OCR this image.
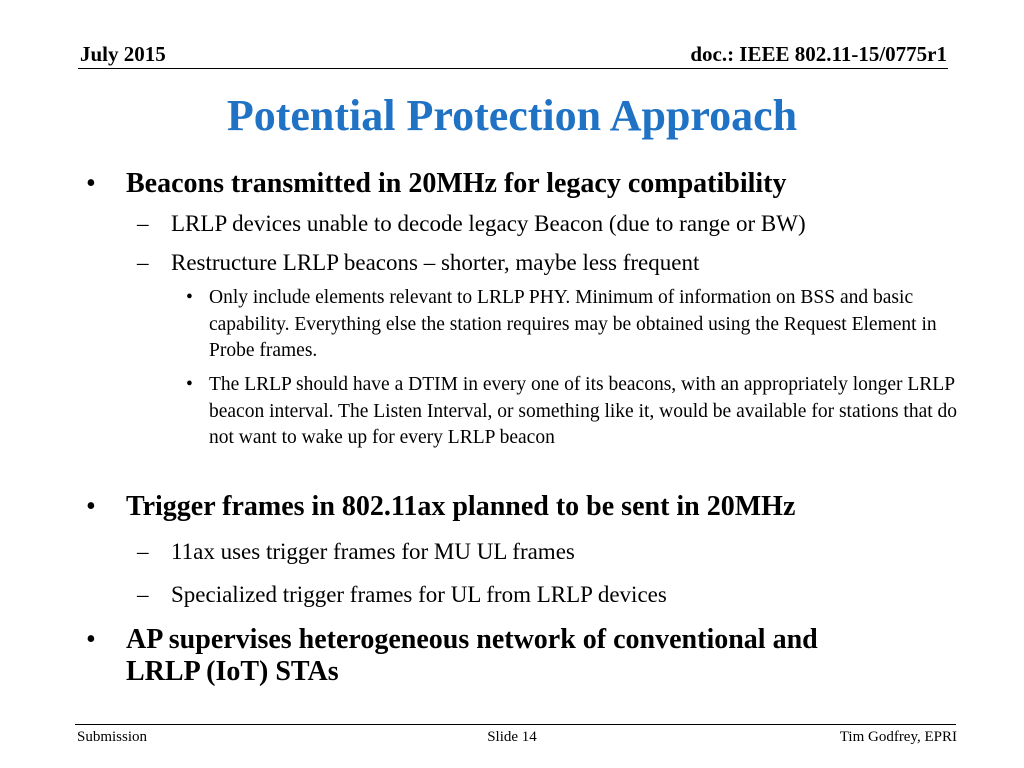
July 2015	doc.: IEEE 802.11-15/0775r1
Potential Protection Approach
•	Beacons transmitted in 20MHz for legacy compatibility
– LRLP devices unable to decode legacy Beacon (due to range or BW)
– Restructure LRLP beacons – shorter, maybe less frequent
• Only include elements relevant to LRLP PHY. Minimum of information on BSS and basic capability. Everything else the station requires may be obtained using the Request Element in Probe frames.
• The LRLP should have a DTIM in every one of its beacons, with an appropriately longer LRLP beacon interval. The Listen Interval, or something like it, would be available for stations that do not want to wake up for every LRLP beacon
•	Trigger frames in 802.11ax planned to be sent in 20MHz
– 11ax uses trigger frames for MU UL frames
– Specialized trigger frames for UL from LRLP devices
•	AP supervises heterogeneous network of conventional and LRLP (IoT) STAs
Submission	Slide 14	Tim Godfrey, EPRI
